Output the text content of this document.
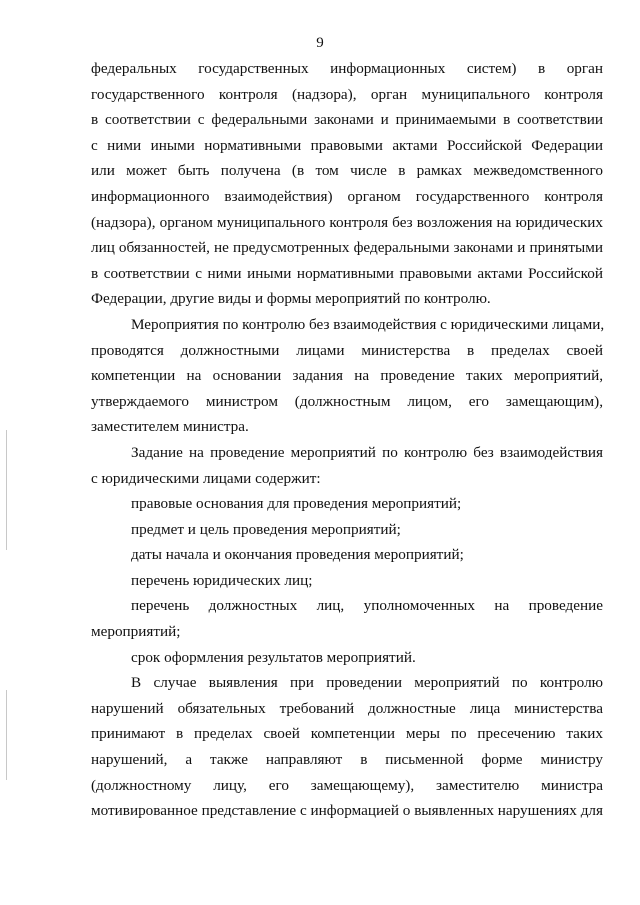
9
федеральных государственных информационных систем) в орган
государственного контроля (надзора), орган муниципального контроля
в соответствии с федеральными законами и принимаемыми в соответствии
с ними иными нормативными правовыми актами Российской Федерации
или может быть получена (в том числе в рамках межведомственного
информационного взаимодействия) органом государственного контроля
(надзора), органом муниципального контроля без возложения на юридических
лиц обязанностей, не предусмотренных федеральными законами и принятыми
в соответствии с ними иными нормативными правовыми актами Российской
Федерации, другие виды и формы мероприятий по контролю.
Мероприятия по контролю без взаимодействия с юридическими лицами,
проводятся должностными лицами министерства в пределах своей
компетенции на основании задания на проведение таких мероприятий,
утверждаемого министром (должностным лицом, его замещающим),
заместителем министра.
Задание на проведение мероприятий по контролю без взаимодействия
с юридическими лицами содержит:
правовые основания для проведения мероприятий;
предмет и цель проведения мероприятий;
даты начала и окончания проведения мероприятий;
перечень юридических лиц;
перечень должностных лиц, уполномоченных на проведение
мероприятий;
срок оформления результатов мероприятий.
В случае выявления при проведении мероприятий по контролю
нарушений обязательных требований должностные лица министерства
принимают в пределах своей компетенции меры по пресечению таких
нарушений, а также направляют в письменной форме министру
(должностному лицу, его замещающему), заместителю министра
мотивированное представление с информацией о выявленных нарушениях для
